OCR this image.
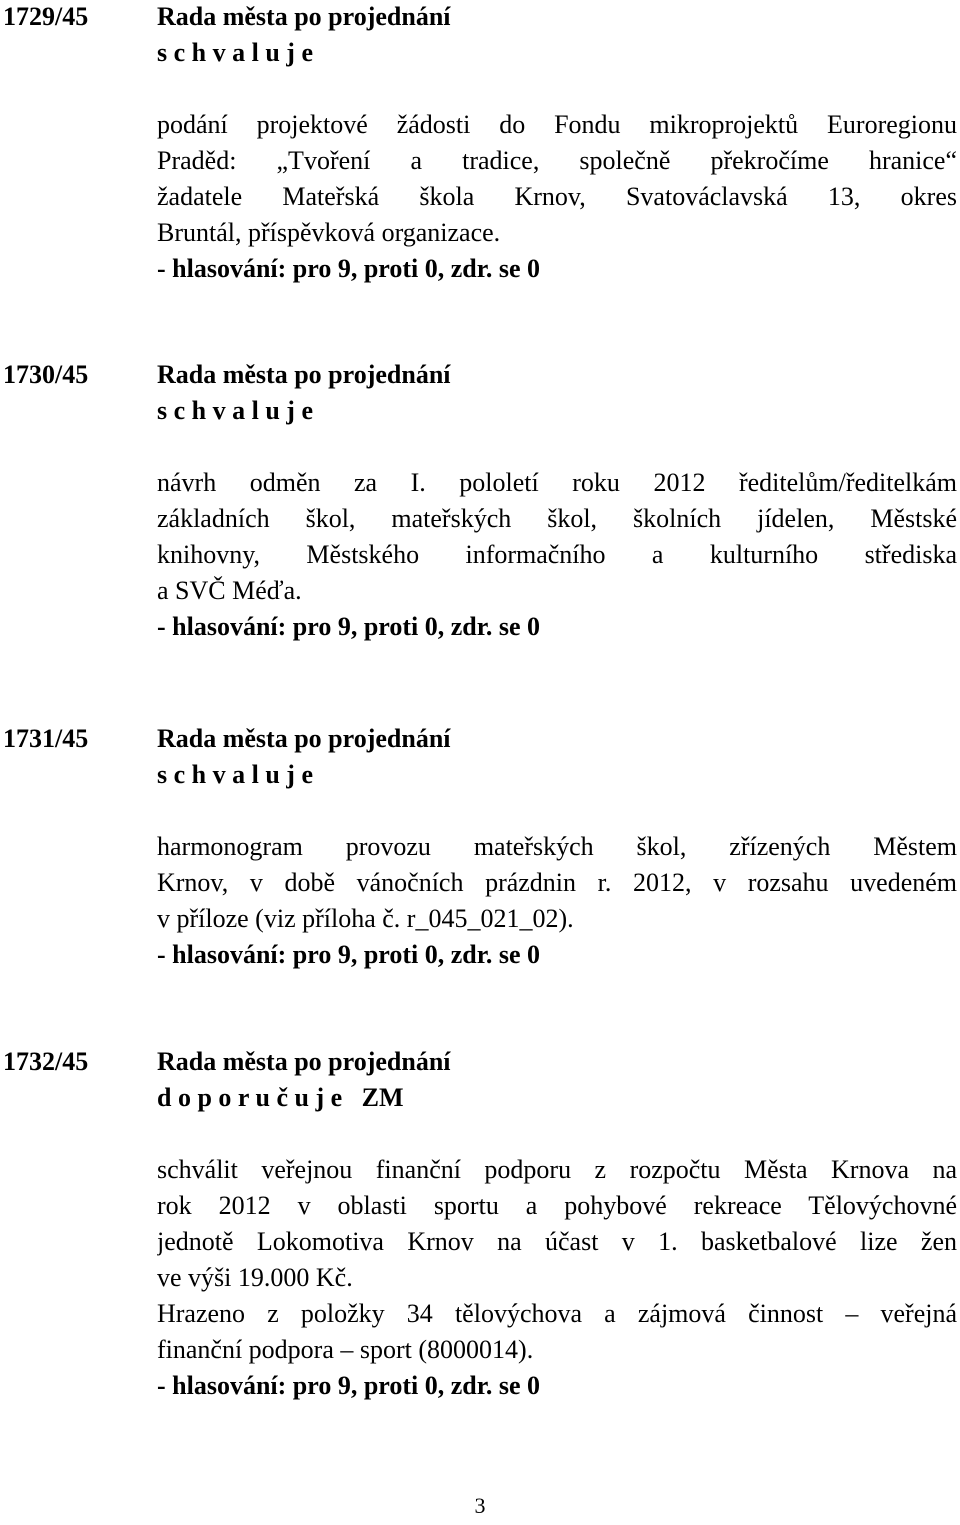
1729/45	Rada města po projednání
s c h v a l u j e
podání projektové žádosti do Fondu mikroprojektů Euroregionu
Praděd: „Tvoření a tradice, společně překročíme hranice“
žadatele Mateřská škola Krnov, Svatováclavská 13, okres
Bruntál, příspěvková organizace.
- hlasování: pro 9, proti 0, zdr. se 0
1730/45	Rada města po projednání
s c h v a l u j e
návrh odměn za I. pololetí roku 2012 ředitelům/ředitelkám
základních škol, mateřských škol, školních jídelen, Městské
knihovny, Městského informačního a kulturního střediska
a SVČ Méďa.
- hlasování: pro 9, proti 0, zdr. se 0
1731/45	Rada města po projednání
s c h v a l u j e
harmonogram provozu mateřských škol, zřízených Městem
Krnov, v době vánočních prázdnin r. 2012, v rozsahu uvedeném
v příloze (viz příloha č. r_045_021_02).
- hlasování: pro 9, proti 0, zdr. se 0
1732/45	Rada města po projednání
d o p o r u č u j e   ZM
schválit veřejnou finanční podporu z rozpočtu Města Krnova na
rok 2012 v oblasti sportu a pohybové rekreace Tělovýchovné
jednotě Lokomotiva Krnov na účast v 1. basketbalové lize žen
ve výši 19.000 Kč.
Hrazeno z položky 34 tělovýchova a zájmová činnost – veřejná
finanční podpora – sport (8000014).
- hlasování: pro 9, proti 0, zdr. se 0
3
